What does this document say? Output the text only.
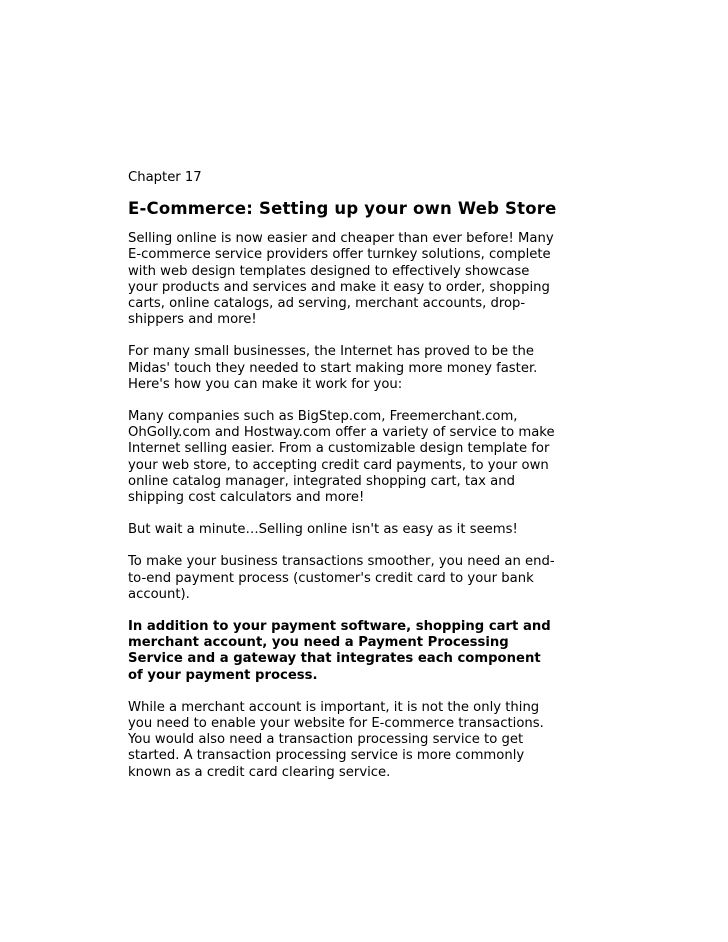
Chapter 17
E-Commerce: Setting up your own Web Store

Selling online is now easier and cheaper than ever before! Many E-commerce service providers offer turnkey solutions, complete with web design templates designed to effectively showcase your products and services and make it easy to order, shopping carts, online catalogs, ad serving, merchant accounts, drop-shippers and more!

For many small businesses, the Internet has proved to be the Midas' touch they needed to start making more money faster. Here's how you can make it work for you:

Many companies such as BigStep.com, Freemerchant.com, OhGolly.com and Hostway.com offer a variety of service to make Internet selling easier. From a customizable design template for your web store, to accepting credit card payments, to your own online catalog manager, integrated shopping cart, tax and shipping cost calculators and more!

But wait a minute…Selling online isn't as easy as it seems!

To make your business transactions smoother, you need an end-to-end payment process (customer's credit card to your bank account).

In addition to your payment software, shopping cart and merchant account, you need a Payment Processing Service and a gateway that integrates each component of your payment process.

While a merchant account is important, it is not the only thing you need to enable your website for E-commerce transactions. You would also need a transaction processing service to get started. A transaction processing service is more commonly known as a credit card clearing service.
